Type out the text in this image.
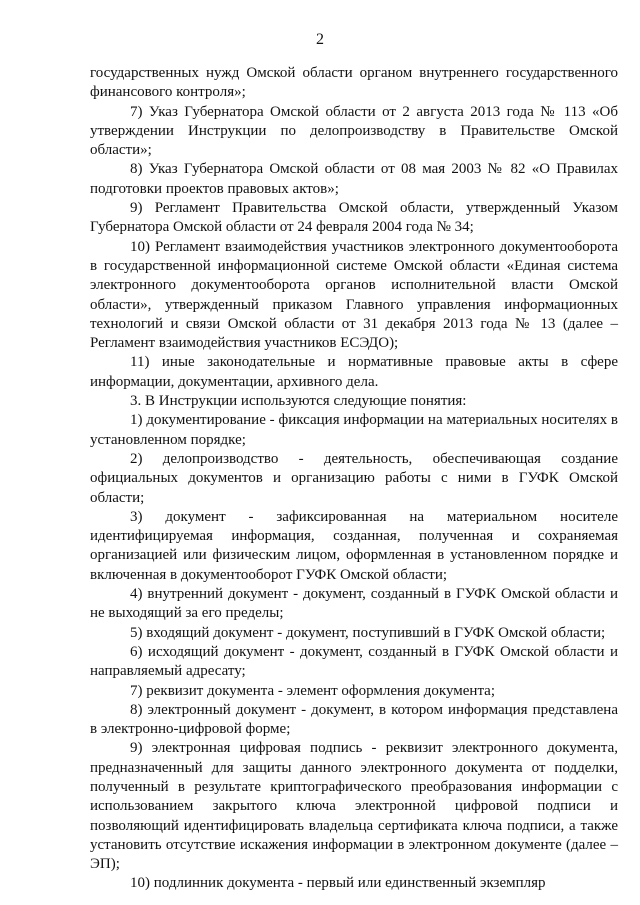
2

государственных нужд Омской области органом внутреннего государственного финансового контроля»;

7) Указ Губернатора Омской области от 2 августа 2013 года № 113 «Об утверждении Инструкции по делопроизводству в Правительстве Омской области»;

8) Указ Губернатора Омской области от 08 мая 2003 № 82 «О Правилах подготовки проектов правовых актов»;

9) Регламент Правительства Омской области, утвержденный Указом Губернатора Омской области от 24 февраля 2004 года № 34;

10) Регламент взаимодействия участников электронного документооборота в государственной информационной системе Омской области «Единая система электронного документооборота органов исполнительной власти Омской области», утвержденный приказом Главного управления информационных технологий и связи Омской области от 31 декабря 2013 года № 13 (далее – Регламент взаимодействия участников ЕСЭДО);

11) иные законодательные и нормативные правовые акты в сфере информации, документации, архивного дела.

3. В Инструкции используются следующие понятия:

1) документирование - фиксация информации на материальных носителях в установленном порядке;

2) делопроизводство - деятельность, обеспечивающая создание официальных документов и организацию работы с ними в ГУФК Омской области;

3) документ - зафиксированная на материальном носителе идентифицируемая информация, созданная, полученная и сохраняемая организацией или физическим лицом, оформленная в установленном порядке и включенная в документооборот ГУФК Омской области;

4) внутренний документ - документ, созданный в ГУФК Омской области и не выходящий за его пределы;

5) входящий документ - документ, поступивший в ГУФК Омской области;

6) исходящий документ - документ, созданный в ГУФК Омской области и направляемый адресату;

7) реквизит документа - элемент оформления документа;

8) электронный документ - документ, в котором информация представлена в электронно-цифровой форме;

9) электронная цифровая подпись - реквизит электронного документа, предназначенный для защиты данного электронного документа от подделки, полученный в результате криптографического преобразования информации с использованием закрытого ключа электронной цифровой подписи и позволяющий идентифицировать владельца сертификата ключа подписи, а также установить отсутствие искажения информации в электронном документе (далее – ЭП);

10) подлинник документа - первый или единственный экземпляр
